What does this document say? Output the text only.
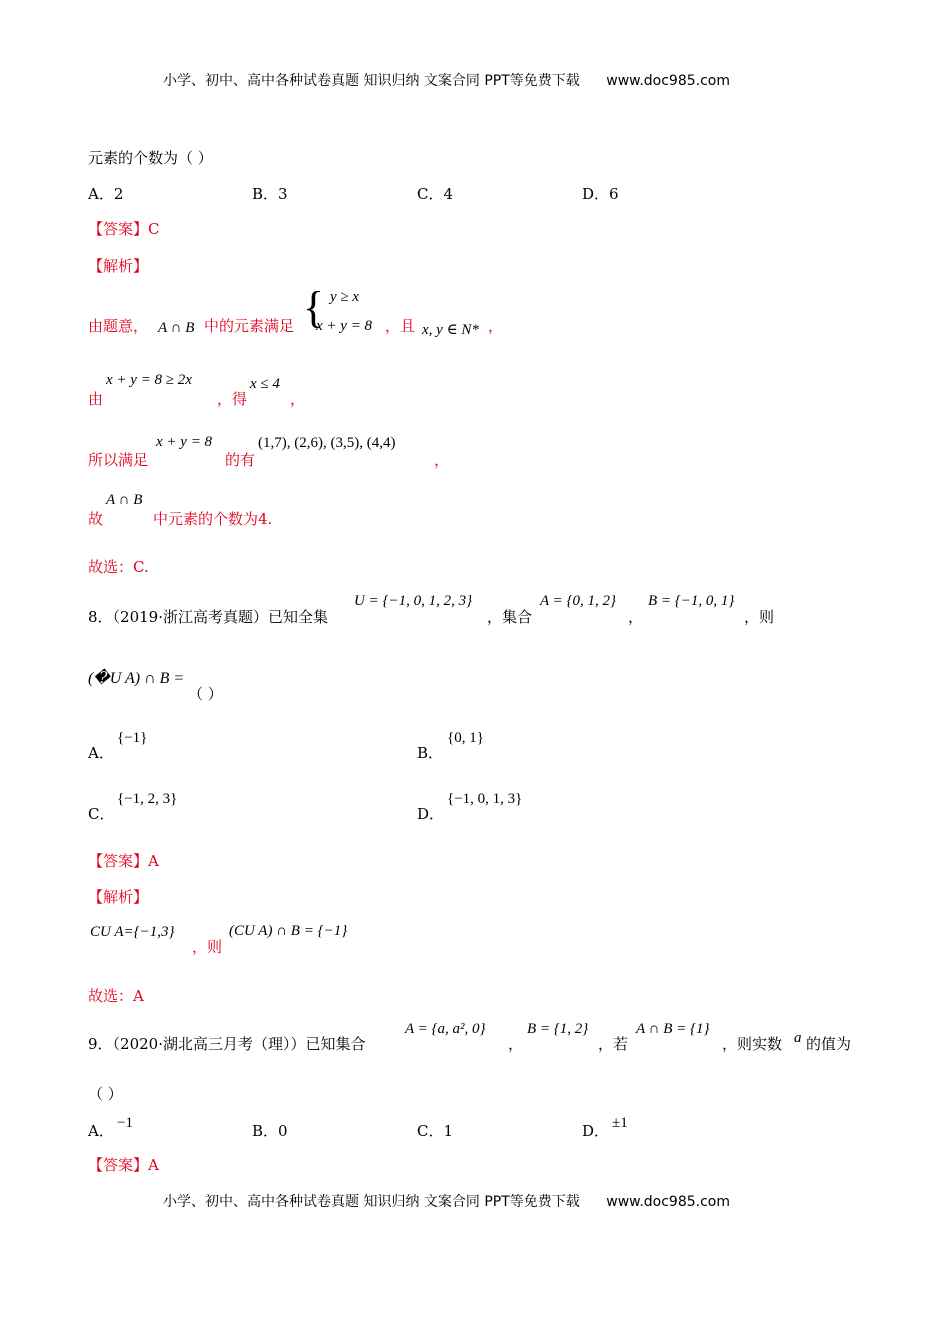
小学、初中、高中各种试卷真题 知识归纳 文案合同 PPT等免费下载 www.doc985.com
元素的个数为（ ）
A．2	B．3	C．4	D．6
【答案】C
【解析】
由题意， A ∩ B 中的元素满足 { y ≥ x
x + y = 8 ，且 x, y ∈ N* ，
由
x + y = 8 ≥ 2x
，得
x ≤ 4
，
所以满足
x + y = 8
的有
(1,7), (2,6), (3,5), (4,4)
，
故
A ∩ B
中元素的个数为4.
故选：C.
8．（2019·浙江高考真题）已知全集
U = {−1, 0, 1, 2, 3}
，集合
A = {0, 1, 2}
，
B = {−1, 0, 1}
，则
(�U A) ∩ B =
（ ）
A．
{−1}
B．
{0, 1}
C．
{−1, 2, 3}
D．
{−1, 0, 1, 3}
【答案】A
【解析】
CU A={−1,3}
，则
(CU A) ∩ B = {−1}
故选：A
9．（2020·湖北高三月考（理））已知集合
A = {a, a², 0}
，
B = {1, 2}
，若
A ∩ B = {1}
，则实数 a 的值为
（ ）
A． −1	B．0	C．1	D． ±1
【答案】A
小学、初中、高中各种试卷真题 知识归纳 文案合同 PPT等免费下载 www.doc985.com
